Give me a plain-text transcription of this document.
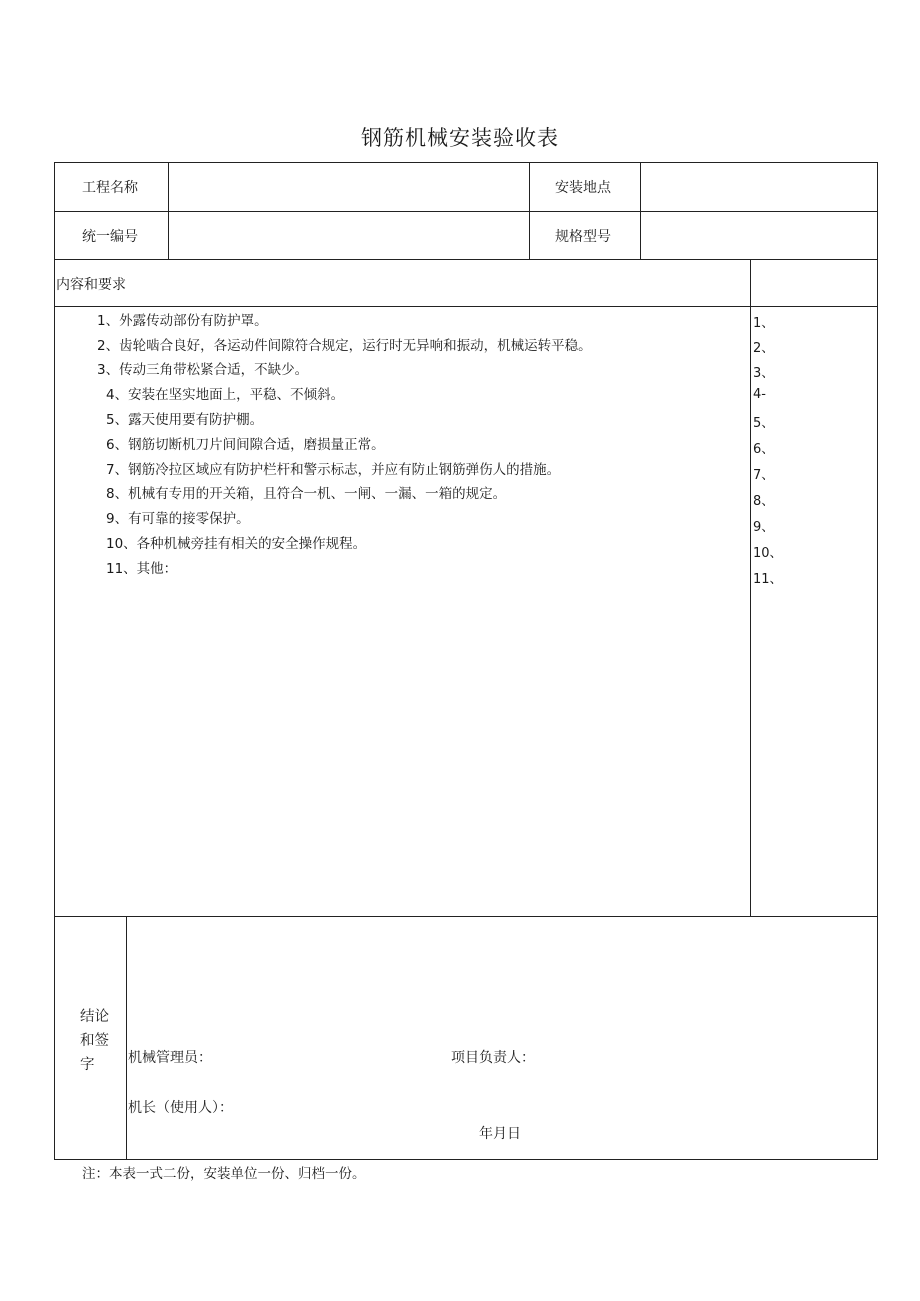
钢筋机械安装验收表
工程名称	安装地点
统一编号	规格型号
内容和要求
1、外露传动部份有防护罩。
2、齿轮啮合良好，各运动件间隙符合规定，运行时无异响和振动，机械运转平稳。
3、传动三角带松紧合适，不缺少。
4、安装在坚实地面上，平稳、不倾斜。
5、露天使用要有防护棚。
6、钢筋切断机刀片间间隙合适，磨损量正常。
7、钢筋冷拉区域应有防护栏杆和警示标志，并应有防止钢筋弹伤人的措施。
8、机械有专用的开关箱，且符合一机、一闸、一漏、一箱的规定。
9、有可靠的接零保护。
10、各种机械旁挂有相关的安全操作规程。
11、其他：
1、
2、
3、
4-
5、
6、
7、
8、
9、
10、
11、
结论
和签
字	机械管理员：	项目负责人：
机长（使用人）：
年月日
注：本表一式二份，安装单位一份、归档一份。
